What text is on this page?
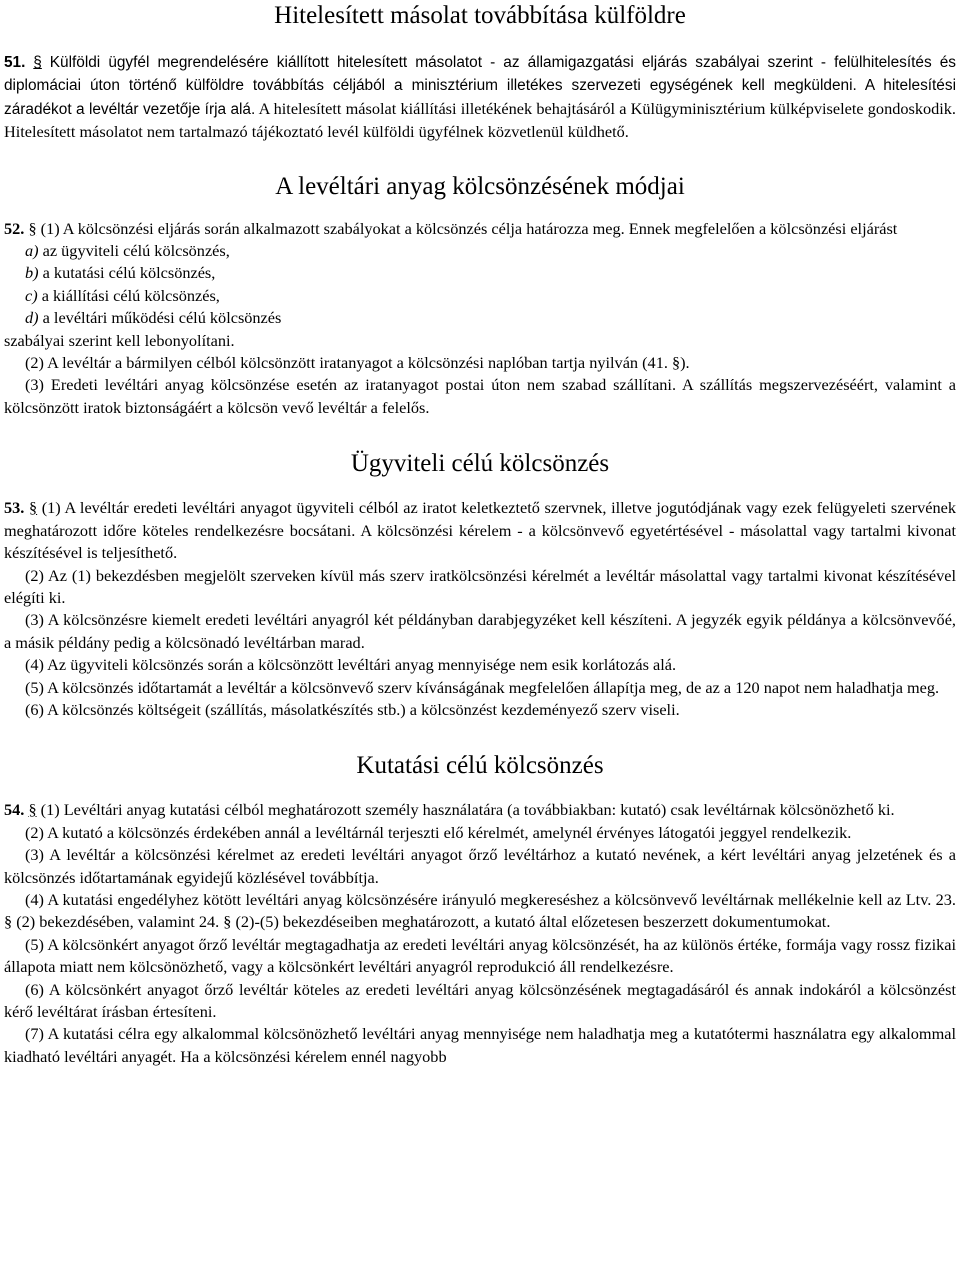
Hitelesített másolat továbbítása külföldre

51. § Külföldi ügyfél megrendelésére kiállított hitelesített másolatot - az államigazgatási eljárás szabályai szerint - felülhitelesítés és diplomáciai úton történő külföldre továbbítás céljából a minisztérium illetékes szervezeti egységének kell megküldeni. A hitelesítési záradékot a levéltár vezetője írja alá. A hitelesített másolat kiállítási illetékének behajtásáról a Külügyminisztérium külképviselete gondoskodik. Hitelesített másolatot nem tartalmazó tájékoztató levél külföldi ügyfélnek közvetlenül küldhető.

A levéltári anyag kölcsönzésének módjai

52. § (1) A kölcsönzési eljárás során alkalmazott szabályokat a kölcsönzés célja határozza meg. Ennek megfelelően a kölcsönzési eljárást

a) az ügyviteli célú kölcsönzés,

b) a kutatási célú kölcsönzés,

c) a kiállítási célú kölcsönzés,

d) a levéltári működési célú kölcsönzés

szabályai szerint kell lebonyolítani.

(2) A levéltár a bármilyen célból kölcsönzött iratanyagot a kölcsönzési naplóban tartja nyilván (41. §).

(3) Eredeti levéltári anyag kölcsönzése esetén az iratanyagot postai úton nem szabad szállítani. A szállítás megszervezéséért, valamint a kölcsönzött iratok biztonságáért a kölcsön vevő levéltár a felelős.

Ügyviteli célú kölcsönzés

53. § (1) A levéltár eredeti levéltári anyagot ügyviteli célból az iratot keletkeztető szervnek, illetve jogutódjának vagy ezek felügyeleti szervének meghatározott időre köteles rendelkezésre bocsátani. A kölcsönzési kérelem - a kölcsönvevő egyetértésével - másolattal vagy tartalmi kivonat készítésével is teljesíthető.

(2) Az (1) bekezdésben megjelölt szerveken kívül más szerv iratkölcsönzési kérelmét a levéltár másolattal vagy tartalmi kivonat készítésével elégíti ki.

(3) A kölcsönzésre kiemelt eredeti levéltári anyagról két példányban darabjegyzéket kell készíteni. A jegyzék egyik példánya a kölcsönvevőé, a másik példány pedig a kölcsönadó levéltárban marad.

(4) Az ügyviteli kölcsönzés során a kölcsönzött levéltári anyag mennyisége nem esik korlátozás alá.

(5) A kölcsönzés időtartamát a levéltár a kölcsönvevő szerv kívánságának megfelelően állapítja meg, de az a 120 napot nem haladhatja meg.

(6) A kölcsönzés költségeit (szállítás, másolatkészítés stb.) a kölcsönzést kezdeményező szerv viseli.

Kutatási célú kölcsönzés

54. § (1) Levéltári anyag kutatási célból meghatározott személy használatára (a továbbiakban: kutató) csak levéltárnak kölcsönözhető ki.

(2) A kutató a kölcsönzés érdekében annál a levéltárnál terjeszti elő kérelmét, amelynél érvényes látogatói jeggyel rendelkezik.

(3) A levéltár a kölcsönzési kérelmet az eredeti levéltári anyagot őrző levéltárhoz a kutató nevének, a kért levéltári anyag jelzetének és a kölcsönzés időtartamának egyidejű közlésével továbbítja.

(4) A kutatási engedélyhez kötött levéltári anyag kölcsönzésére irányuló megkereséshez a kölcsönvevő levéltárnak mellékelnie kell az Ltv. 23. § (2) bekezdésében, valamint 24. § (2)-(5) bekezdéseiben meghatározott, a kutató által előzetesen beszerzett dokumentumokat.

(5) A kölcsönkért anyagot őrző levéltár megtagadhatja az eredeti levéltári anyag kölcsönzését, ha az különös értéke, formája vagy rossz fizikai állapota miatt nem kölcsönözhető, vagy a kölcsönkért levéltári anyagról reprodukció áll rendelkezésre.

(6) A kölcsönkért anyagot őrző levéltár köteles az eredeti levéltári anyag kölcsönzésének megtagadásáról és annak indokáról a kölcsönzést kérő levéltárat írásban értesíteni.

(7) A kutatási célra egy alkalommal kölcsönözhető levéltári anyag mennyisége nem haladhatja meg a kutatótermi használatra egy alkalommal kiadható levéltári anyagét. Ha a kölcsönzési kérelem ennél nagyobb
